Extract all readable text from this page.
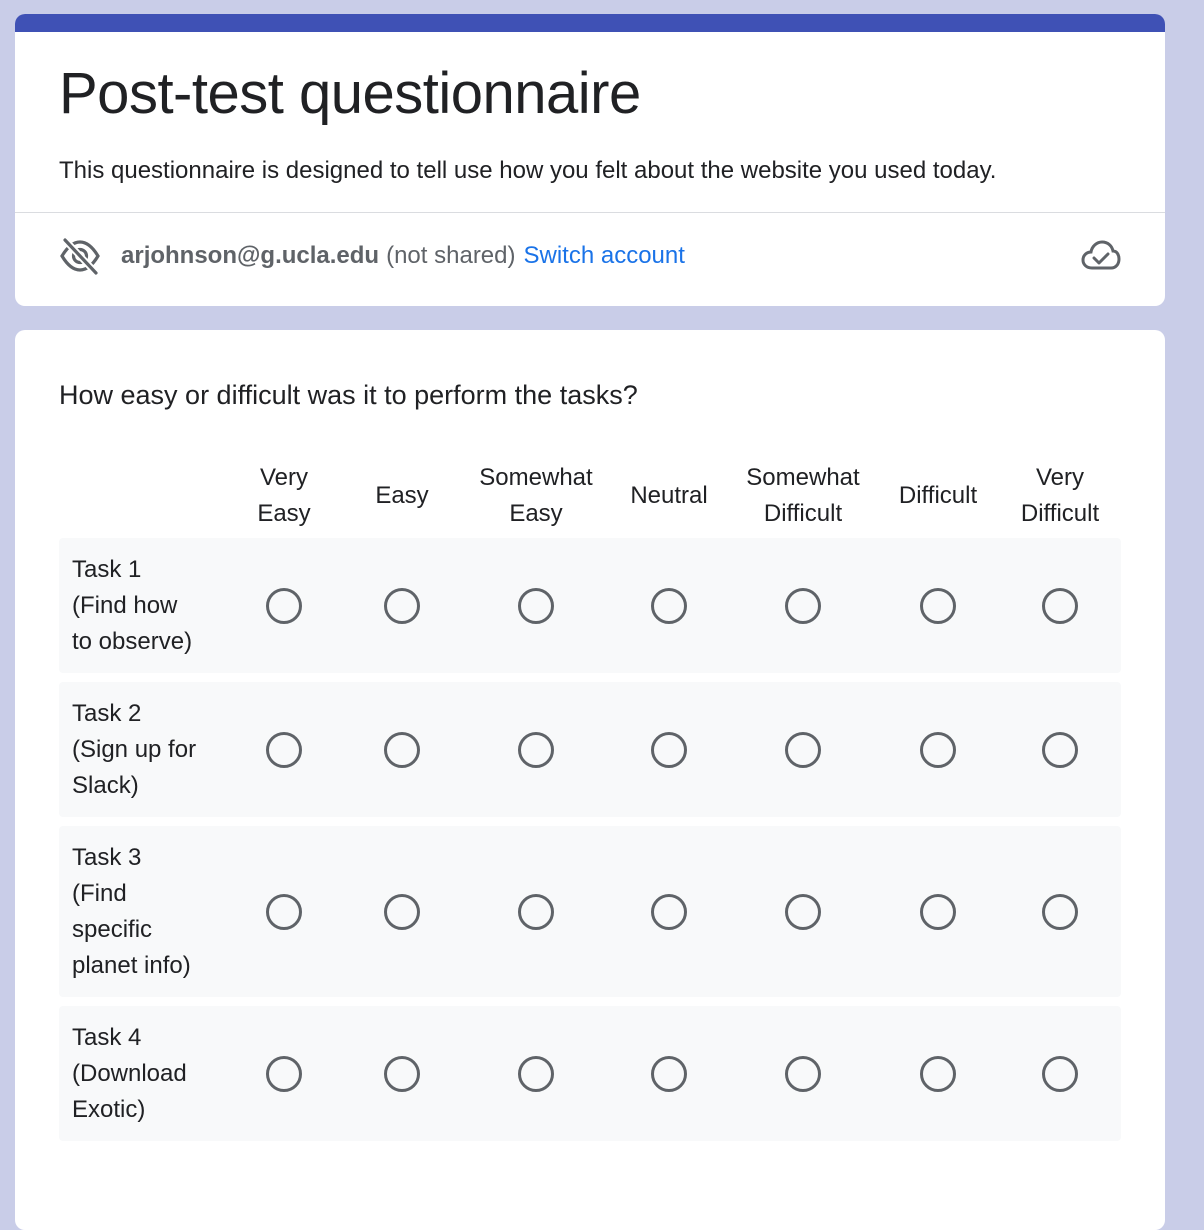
Post-test questionnaire

This questionnaire is designed to tell use how you felt about the website you used today.

arjohnson@g.ucla.edu (not shared) Switch account
How easy or difficult was it to perform the tasks?
Very
Easy
Easy
Somewhat
Easy
Neutral
Somewhat
Difficult
Difficult
Very
Difficult
Task 1
(Find how
to observe)
Task 2
(Sign up for
Slack)
Task 3
(Find
specific
planet info)
Task 4
(Download
Exotic)
